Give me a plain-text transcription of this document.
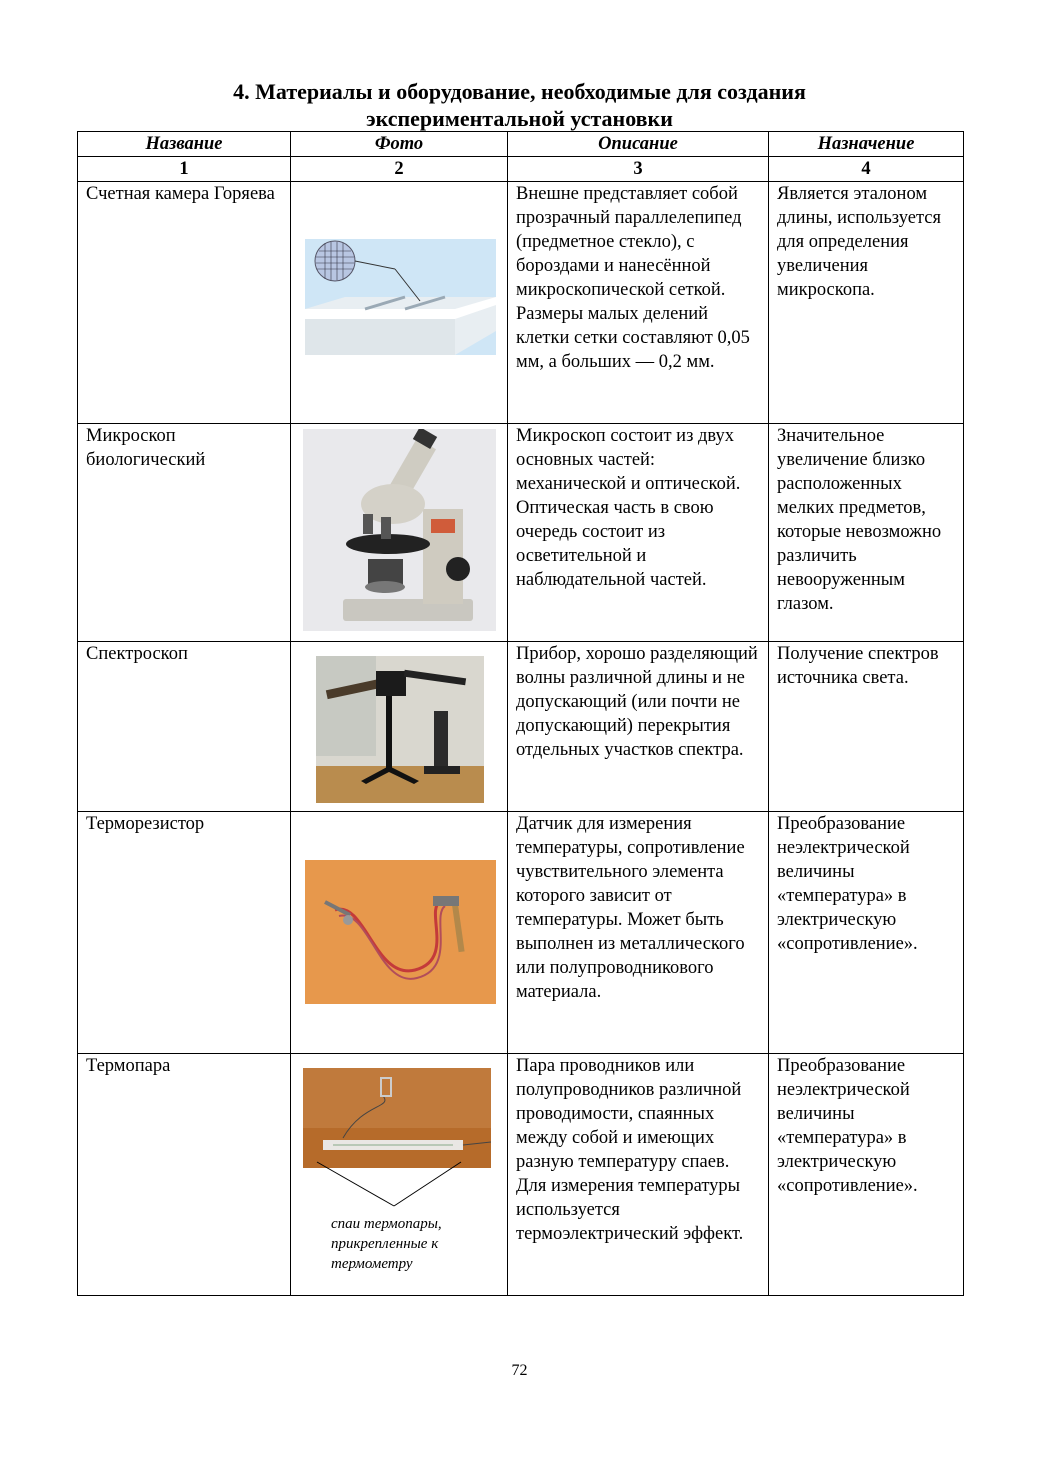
4. Материалы и оборудование, необходимые для создания
экспериментальной установки
Название	Фото	Описание	Назначение
1	2	3	4
Счетная камера Горяева		Внешне представляет собой прозрачный параллелепипед (предметное стекло), с бороздами и нанесённой микроскопической сеткой. Размеры малых делений клетки сетки составляют 0,05 мм, а больших — 0,2 мм.	Является эталоном длины, используется для определения увеличения микроскопа.
Микроскоп биологический		Микроскоп состоит из двух основных частей: механической и оптической. Оптическая часть в свою очередь состоит из осветительной и наблюдательной частей.	Значительное увеличение близко расположенных мелких предметов, которые невозможно различить невооруженным глазом.
Спектроскоп		Прибор, хорошо разделяющий волны различной длины и не допускающий (или почти не допускающий) перекрытия отдельных участков спектра.	Получение спектров источника света.
Терморезистор		Датчик для измерения температуры, сопротивление чувствительного элемента которого зависит от температуры. Может быть выполнен из металлического или полупроводникового материала.	Преобразование неэлектрической величины «температура» в электрическую «сопротивление».
Термопара	спаи термопары, прикрепленные к термометру	Пара проводников или полупроводников различной проводимости, спаянных между собой и имеющих разную температуру спаев. Для измерения температуры используется термоэлектрический эффект.	Преобразование неэлектрической величины «температура» в электрическую «сопротивление».
72
